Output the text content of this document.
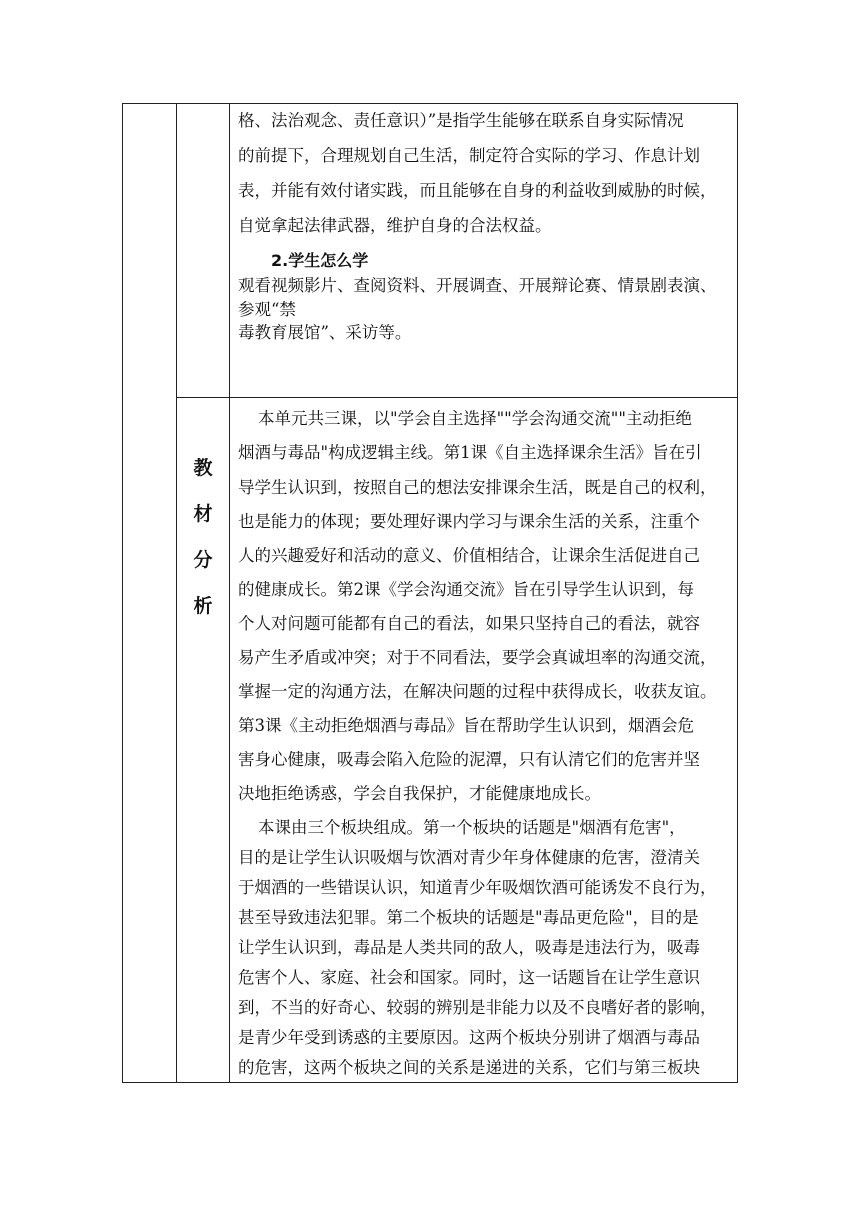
格、法治观念、责任意识）”是指学生能够在联系自身实际情况
的前提下，合理规划自己生活，制定符合实际的学习、作息计划
表，并能有效付诸实践，而且能够在自身的利益收到威胁的时候，
自觉拿起法律武器，维护自身的合法权益。
2.学生怎么学
观看视频影片、查阅资料、开展调查、开展辩论赛、情景剧表演、
参观“禁
毒教育展馆”、采访等。
教
材
分
析
本单元共三课，以"学会自主选择""学会沟通交流""主动拒绝
烟酒与毒品"构成逻辑主线。第1课《自主选择课余生活》旨在引
导学生认识到，按照自己的想法安排课余生活，既是自己的权利，
也是能力的体现；要处理好课内学习与课余生活的关系，注重个
人的兴趣爱好和活动的意义、价值相结合，让课余生活促进自己
的健康成长。第2课《学会沟通交流》旨在引导学生认识到，每
个人对问题可能都有自己的看法，如果只坚持自己的看法，就容
易产生矛盾或冲突；对于不同看法，要学会真诚坦率的沟通交流，
掌握一定的沟通方法，在解决问题的过程中获得成长，收获友谊。
第3课《主动拒绝烟酒与毒品》旨在帮助学生认识到，烟酒会危
害身心健康，吸毒会陷入危险的泥潭，只有认清它们的危害并坚
决地拒绝诱惑，学会自我保护，才能健康地成长。
本课由三个板块组成。第一个板块的话题是"烟酒有危害"，
目的是让学生认识吸烟与饮酒对青少年身体健康的危害，澄清关
于烟酒的一些错误认识，知道青少年吸烟饮酒可能诱发不良行为，
甚至导致违法犯罪。第二个板块的话题是"毒品更危险"，目的是
让学生认识到，毒品是人类共同的敌人，吸毒是违法行为，吸毒
危害个人、家庭、社会和国家。同时，这一话题旨在让学生意识
到，不当的好奇心、较弱的辨别是非能力以及不良嗜好者的影响，
是青少年受到诱惑的主要原因。这两个板块分别讲了烟酒与毒品
的危害，这两个板块之间的关系是递进的关系，它们与第三板块
